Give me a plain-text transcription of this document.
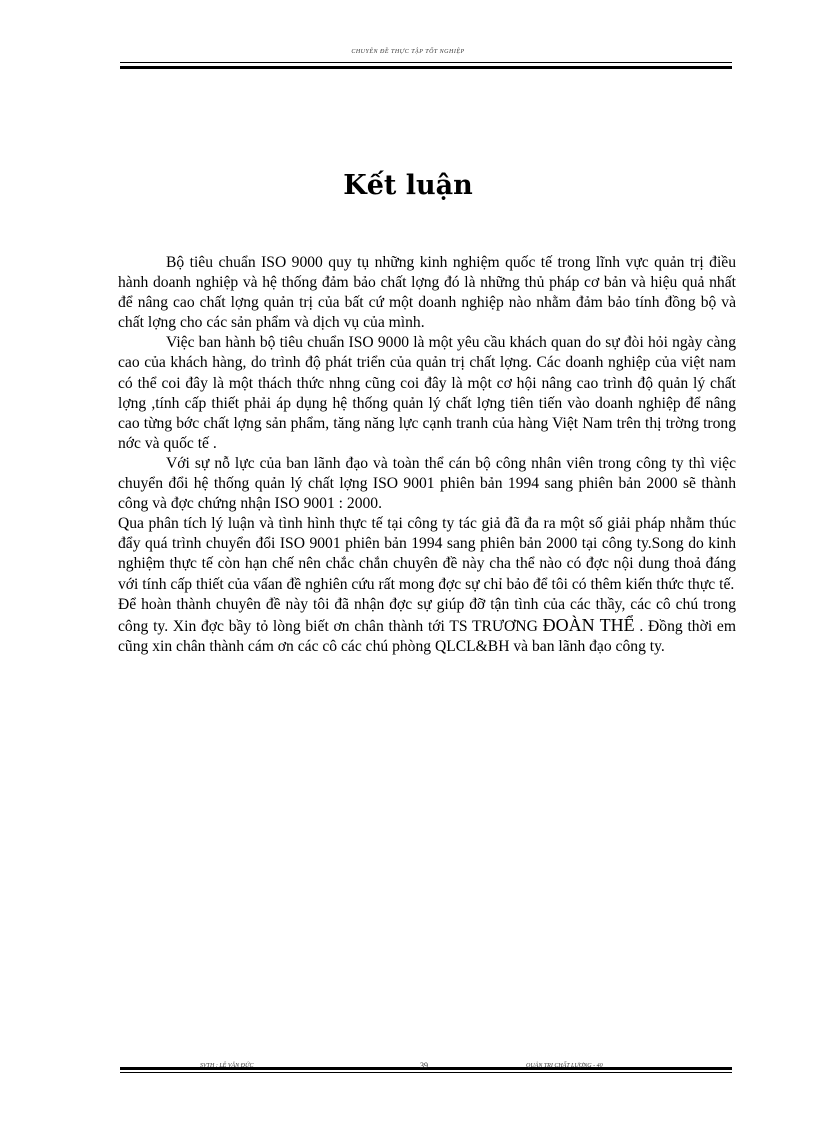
CHUYÊN ĐỀ THỰC TẬP TỐT NGHIỆP
Kết luận

Bộ tiêu chuẩn ISO 9000 quy tụ những kinh nghiệm quốc tế trong lĩnh vực quản trị điều hành doanh nghiệp và hệ thống đảm bảo chất lợng đó là những thủ pháp cơ bản và hiệu quả nhất để nâng cao chất lợng quản trị của bất cứ một doanh nghiệp nào nhằm đảm bảo tính đồng bộ và chất lợng cho các sản phẩm và dịch vụ của mình.

Việc ban hành bộ tiêu chuẩn ISO 9000 là một yêu cầu khách quan do sự đòi hỏi ngày càng cao của khách hàng, do trình độ phát triển của quản trị chất lợng. Các doanh nghiệp của việt nam có thể coi đây là một thách thức nhng cũng coi đây là một cơ hội nâng cao trình độ quản lý chất lợng ,tính cấp thiết phải áp dụng hệ thống quản lý chất lợng tiên tiến vào doanh nghiệp để nâng cao từng bớc chất lợng sản phẩm, tăng năng lực cạnh tranh của hàng Việt Nam trên thị trờng trong nớc và quốc tế .

Với sự nỗ lực của ban lãnh đạo và toàn thể cán bộ công nhân viên trong công ty thì việc chuyển đổi hệ thống quản lý chất lợng ISO 9001 phiên bản 1994 sang phiên bản 2000 sẽ thành công và đợc chứng nhận ISO 9001 : 2000.

Qua phân tích lý luận và tình hình thực tế tại công ty tác giả đã đa ra một số giải pháp nhằm thúc đẩy quá trình chuyển đổi ISO 9001 phiên bản 1994 sang phiên bản 2000 tại công ty.Song do kinh nghiệm thực tế còn hạn chế nên chắc chắn chuyên đề này cha thể nào có đợc nội dung thoả đáng với tính cấp thiết của vấan đề nghiên cứu rất mong đợc sự chỉ bảo để tôi có thêm kiến thức thực tế.

Để hoàn thành chuyên đề này tôi đã nhận đợc sự giúp đỡ tận tình của các thầy, các cô chú trong công ty. Xin đợc bầy tỏ lòng biết ơn chân thành tới TS TRƯƠNG ĐOÀN THỂ . Đồng thời em cũng xin chân thành cám ơn các cô các chú phòng QLCL&BH và ban lãnh đạo công ty.

SVTH : LÊ VĂN ĐỨC	39	QUẢN TRỊ CHẤT LƯỢNG - 40
